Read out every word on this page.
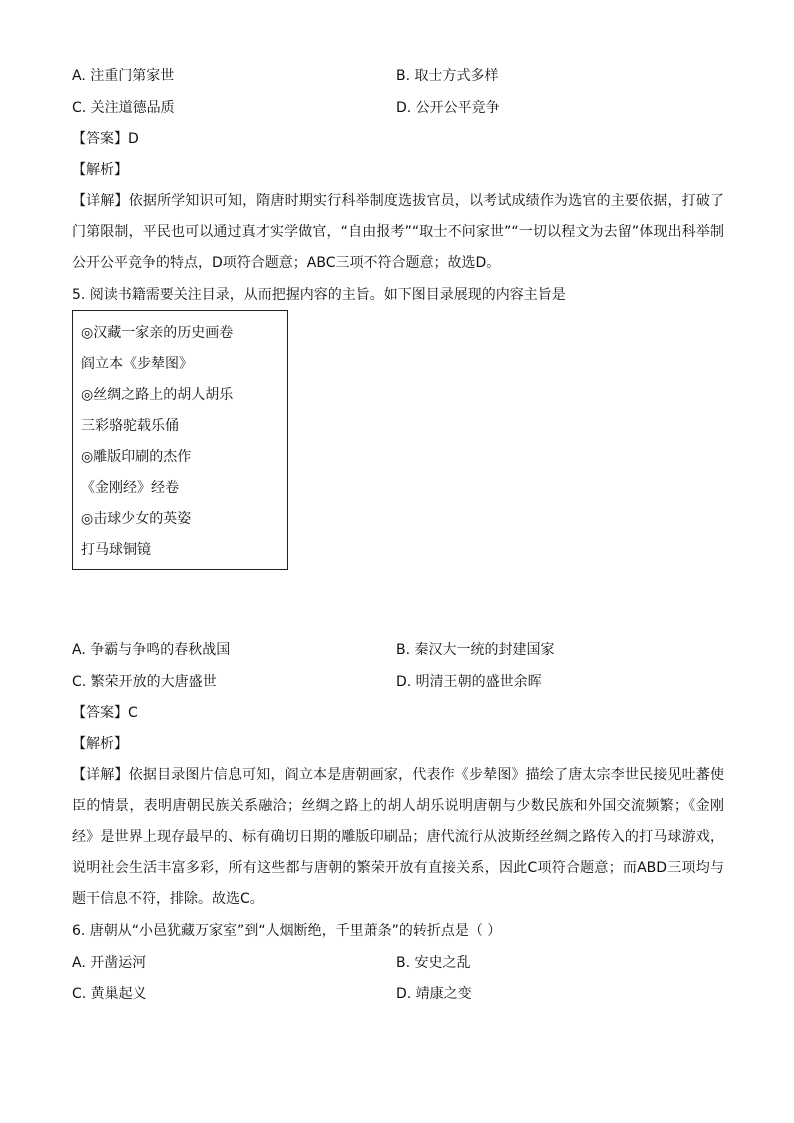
A. 注重门第家世	B. 取士方式多样
C. 关注道德品质	D. 公开公平竞争
【答案】D
【解析】
【详解】依据所学知识可知，隋唐时期实行科举制度选拔官员，以考试成绩作为选官的主要依据，打破了门第限制，平民也可以通过真才实学做官，“自由报考”“取士不问家世”“一切以程文为去留”体现出科举制公开公平竞争的特点，D项符合题意；ABC三项不符合题意；故选D。
5. 阅读书籍需要关注目录，从而把握内容的主旨。如下图目录展现的内容主旨是
◎汉藏一家亲的历史画卷
阎立本《步辇图》
◎丝绸之路上的胡人胡乐
三彩骆驼载乐俑
◎雕版印刷的杰作
《金刚经》经卷
◎击球少女的英姿
打马球铜镜
A. 争霸与争鸣的春秋战国	B. 秦汉大一统的封建国家
C. 繁荣开放的大唐盛世	D. 明清王朝的盛世余晖
【答案】C
【解析】
【详解】依据目录图片信息可知，阎立本是唐朝画家，代表作《步辇图》描绘了唐太宗李世民接见吐蕃使臣的情景，表明唐朝民族关系融洽；丝绸之路上的胡人胡乐说明唐朝与少数民族和外国交流频繁；《金刚经》是世界上现存最早的、标有确切日期的雕版印刷品；唐代流行从波斯经丝绸之路传入的打马球游戏，说明社会生活丰富多彩，所有这些都与唐朝的繁荣开放有直接关系，因此C项符合题意；而ABD三项均与题干信息不符，排除。故选C。
6. 唐朝从“小邑犹藏万家室”到“人烟断绝，千里萧条”的转折点是（ ）
A. 开凿运河	B. 安史之乱
C. 黄巢起义	D. 靖康之变
